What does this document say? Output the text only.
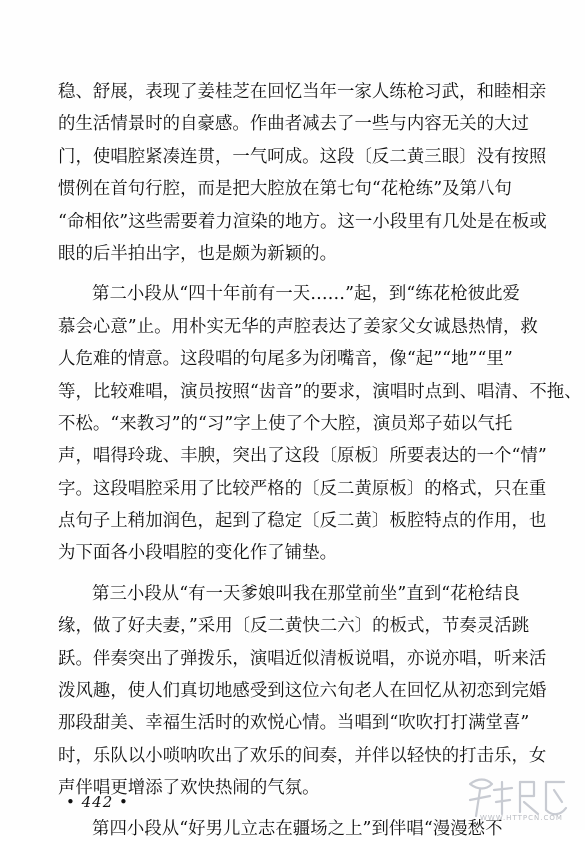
稳、舒展，表现了姜桂芝在回忆当年一家人练枪习武，和睦相亲
的生活情景时的自豪感。作曲者减去了一些与内容无关的大过
门，使唱腔紧凑连贯，一气呵成。这段〔反二黄三眼〕没有按照
惯例在首句行腔，而是把大腔放在第七句“花枪练”及第八句
“命相依”这些需要着力渲染的地方。这一小段里有几处是在板或
眼的后半拍出字，也是颇为新颖的。
第二小段从“四十年前有一天……”起，到“练花枪彼此爱
慕会心意”止。用朴实无华的声腔表达了姜家父女诚恳热情，救
人危难的情意。这段唱的句尾多为闭嘴音，像“起”“地”“里”
等，比较难唱，演员按照“齿音”的要求，演唱时点到、唱清、不拖、
不松。“来教习”的“习”字上使了个大腔，演员郑子茹以气托
声，唱得玲珑、丰腴，突出了这段〔原板〕所要表达的一个“情”
字。这段唱腔采用了比较严格的〔反二黄原板〕的格式，只在重
点句子上稍加润色，起到了稳定〔反二黄〕板腔特点的作用，也
为下面各小段唱腔的变化作了铺垫。
第三小段从“有一天爹娘叫我在那堂前坐”直到“花枪结良
缘，做了好夫妻，”采用〔反二黄快二六〕的板式，节奏灵活跳
跃。伴奏突出了弹拨乐，演唱近似清板说唱，亦说亦唱，听来活
泼风趣，使人们真切地感受到这位六旬老人在回忆从初恋到完婚
那段甜美、幸福生活时的欢悦心情。当唱到“吹吹打打满堂喜”
时，乐队以小唢呐吹出了欢乐的间奏，并伴以轻快的打击乐，女
声伴唱更增添了欢快热闹的气氛。
第四小段从“好男儿立志在疆场之上”到伴唱“漫漫愁不
• 442 •
WWW.HTTPCN.COM
